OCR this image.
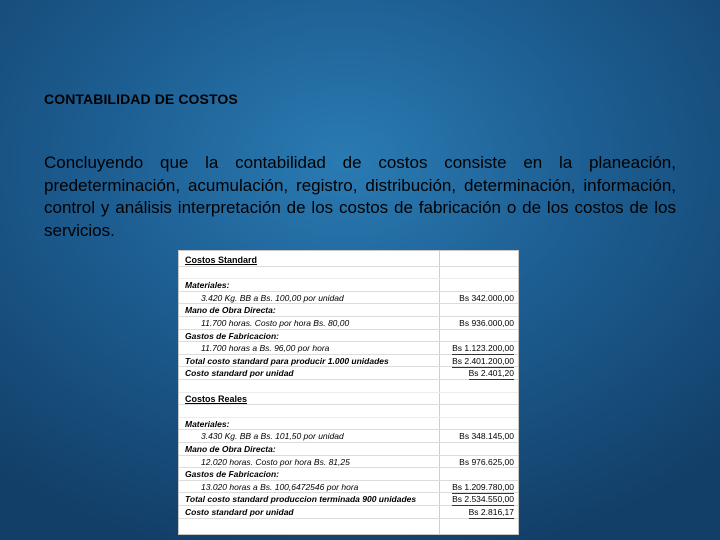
CONTABILIDAD DE COSTOS
Concluyendo que la contabilidad de costos consiste en la planeación, predeterminación, acumulación, registro, distribución, determinación, información, control y análisis interpretación de los costos de fabricación o de los costos de los servicios.
Costos Standard
Materiales:
3.420 Kg. BB a Bs. 100,00 por unidad	Bs 342.000,00
Mano de Obra Directa:
11.700 horas. Costo por hora Bs. 80,00	Bs 936.000,00
Gastos de Fabricacion:
11.700 horas a Bs. 96,00 por hora	Bs 1.123.200,00
Total costo standard para producir 1.000 unidades	Bs 2.401.200,00
Costo standard por unidad	Bs 2.401,20
Costos Reales
Materiales:
3.430 Kg. BB a Bs. 101,50 por unidad	Bs 348.145,00
Mano de Obra Directa:
12.020 horas. Costo por hora Bs. 81,25	Bs 976.625,00
Gastos de Fabricacion:
13.020 horas a Bs. 100,6472546 por hora	Bs 1.209.780,00
Total costo standard produccion terminada 900 unidades	Bs 2.534.550,00
Costo standard por unidad	Bs 2.816,17
